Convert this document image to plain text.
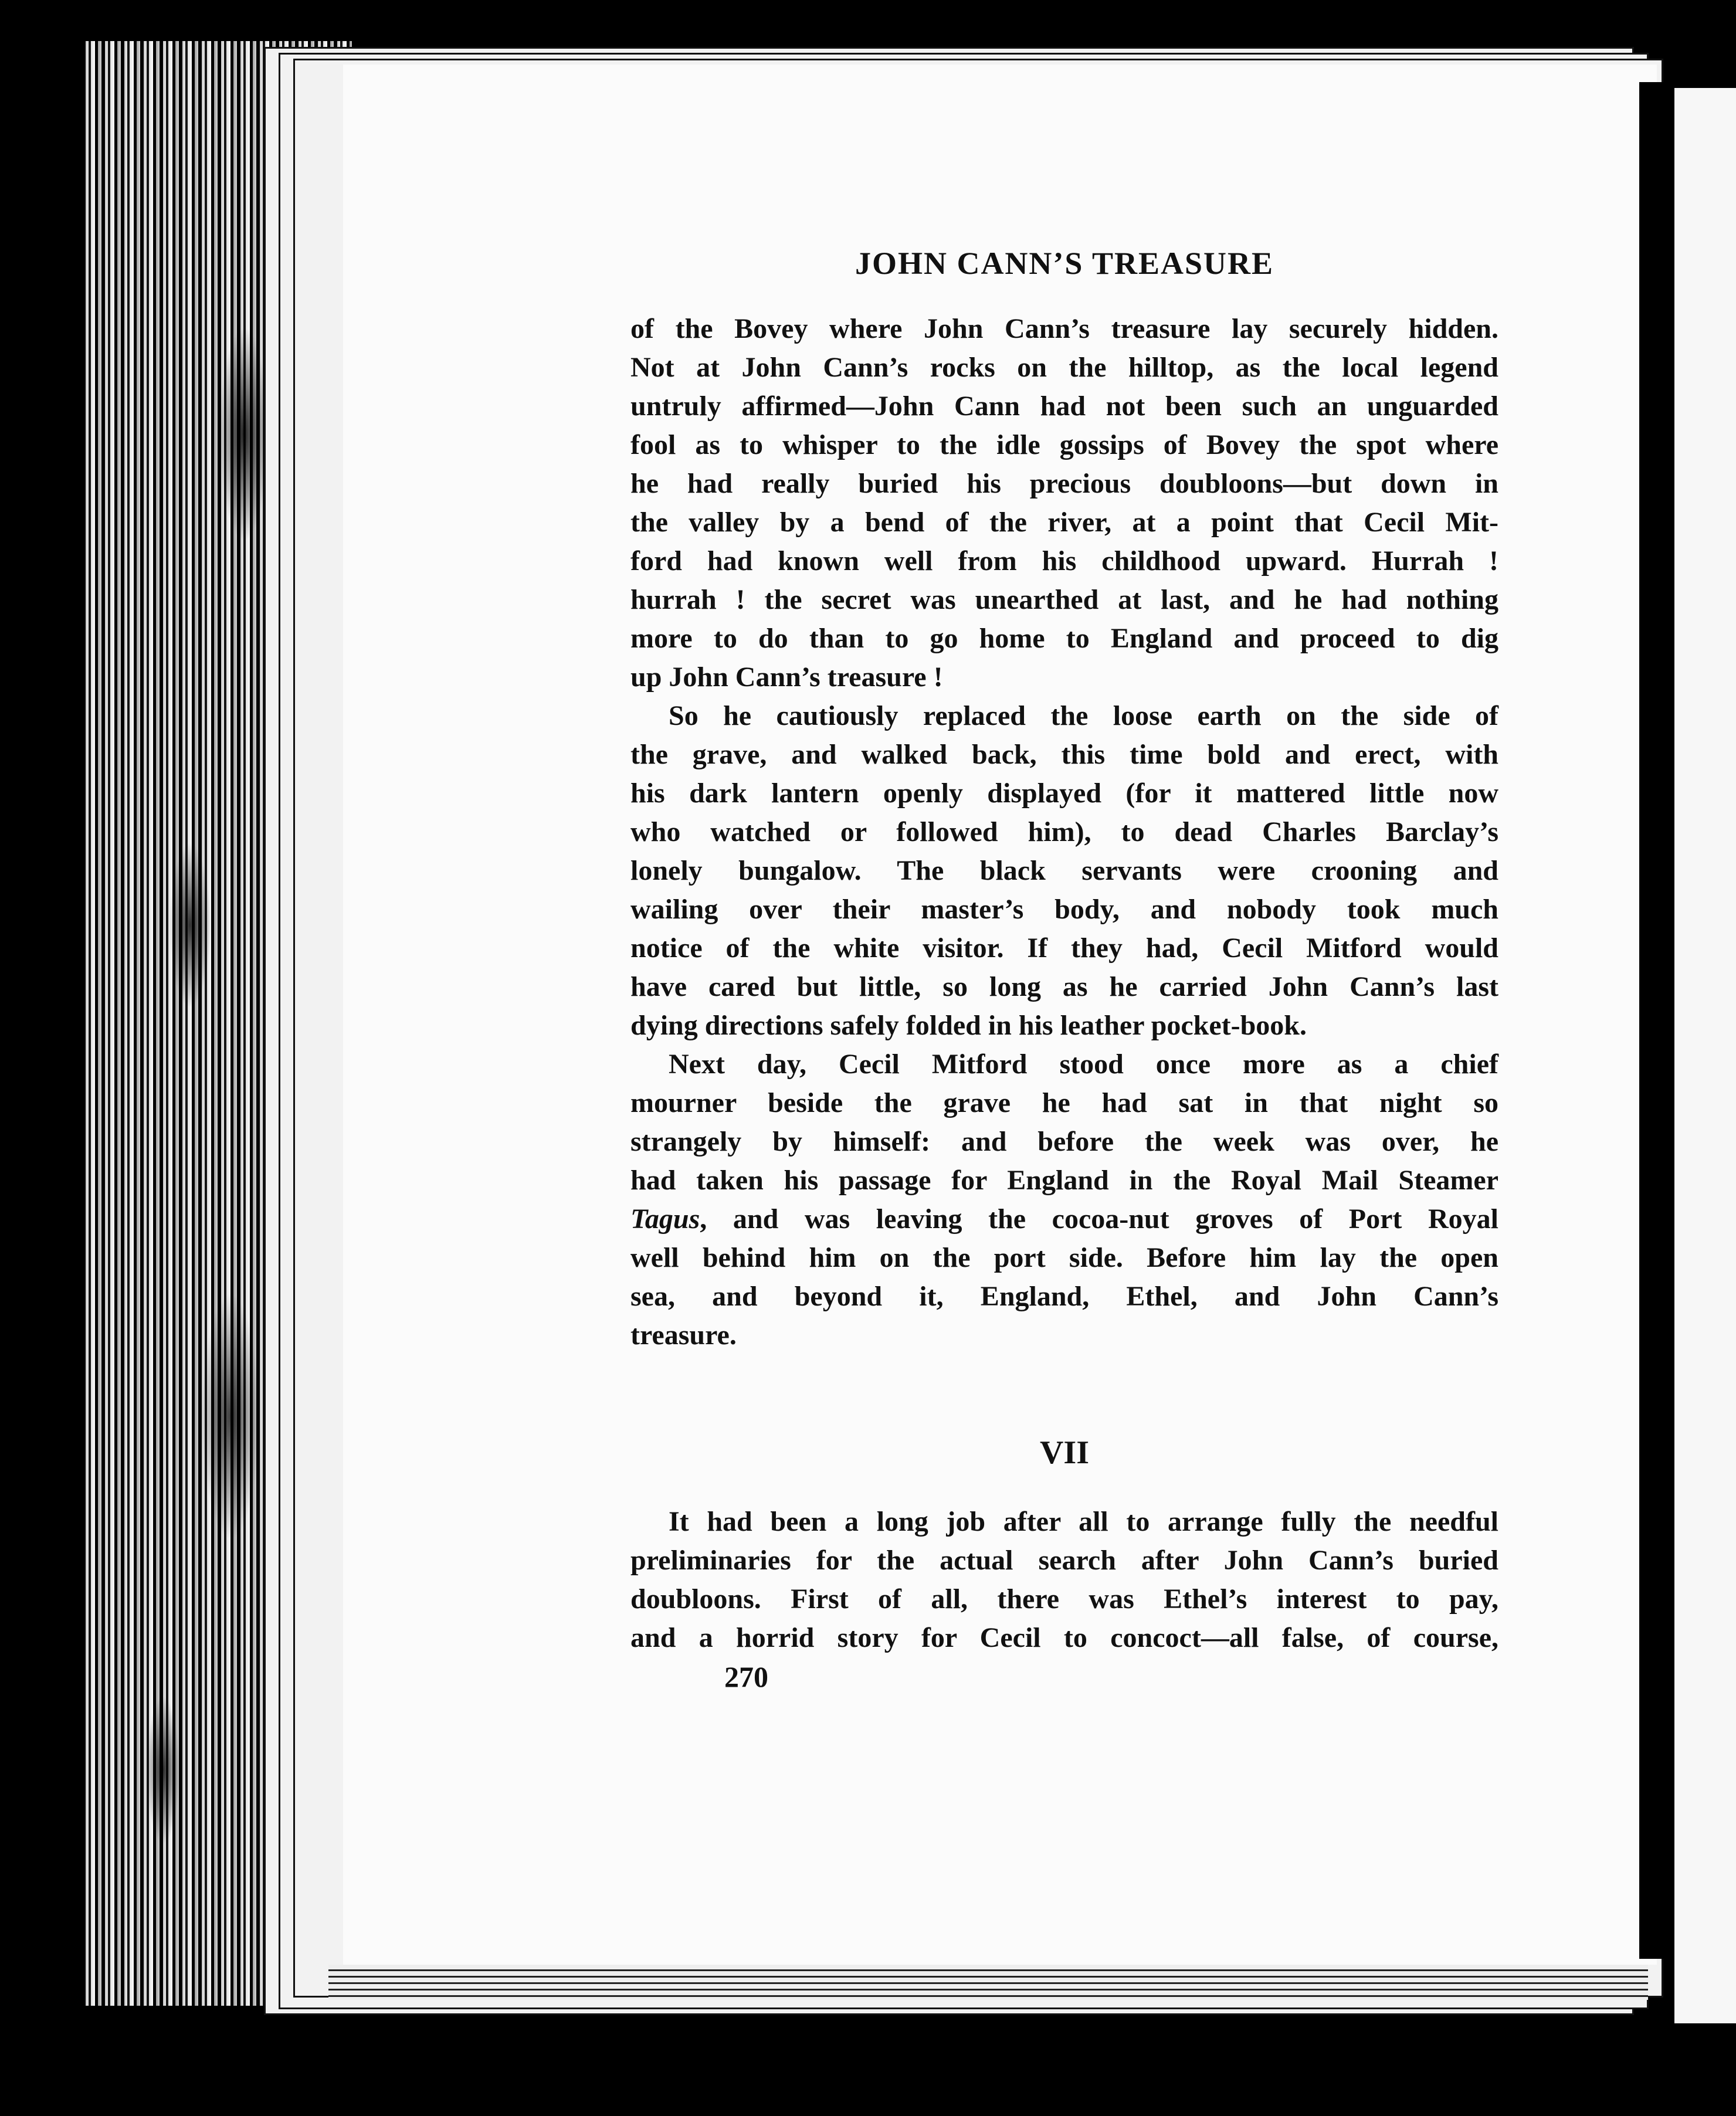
JOHN CANN’S TREASURE
of the Bovey where John Cann’s treasure lay securely hidden.
Not at John Cann’s rocks on the hilltop, as the local legend
untruly affirmed—John Cann had not been such an unguarded
fool as to whisper to the idle gossips of Bovey the spot where
he had really buried his precious doubloons—but down in
the valley by a bend of the river, at a point that Cecil Mit-
ford had known well from his childhood upward. Hurrah !
hurrah ! the secret was unearthed at last, and he had nothing
more to do than to go home to England and proceed to dig
up John Cann’s treasure !
So he cautiously replaced the loose earth on the side of
the grave, and walked back, this time bold and erect, with
his dark lantern openly displayed (for it mattered little now
who watched or followed him), to dead Charles Barclay’s
lonely bungalow. The black servants were crooning and
wailing over their master’s body, and nobody took much
notice of the white visitor. If they had, Cecil Mitford would
have cared but little, so long as he carried John Cann’s last
dying directions safely folded in his leather pocket-book.
Next day, Cecil Mitford stood once more as a chief
mourner beside the grave he had sat in that night so
strangely by himself: and before the week was over, he
had taken his passage for England in the Royal Mail Steamer
Tagus, and was leaving the cocoa-nut groves of Port Royal
well behind him on the port side. Before him lay the open
sea, and beyond it, England, Ethel, and John Cann’s
treasure.
VII
It had been a long job after all to arrange fully the needful
preliminaries for the actual search after John Cann’s buried
doubloons. First of all, there was Ethel’s interest to pay,
and a horrid story for Cecil to concoct—all false, of course,
270
